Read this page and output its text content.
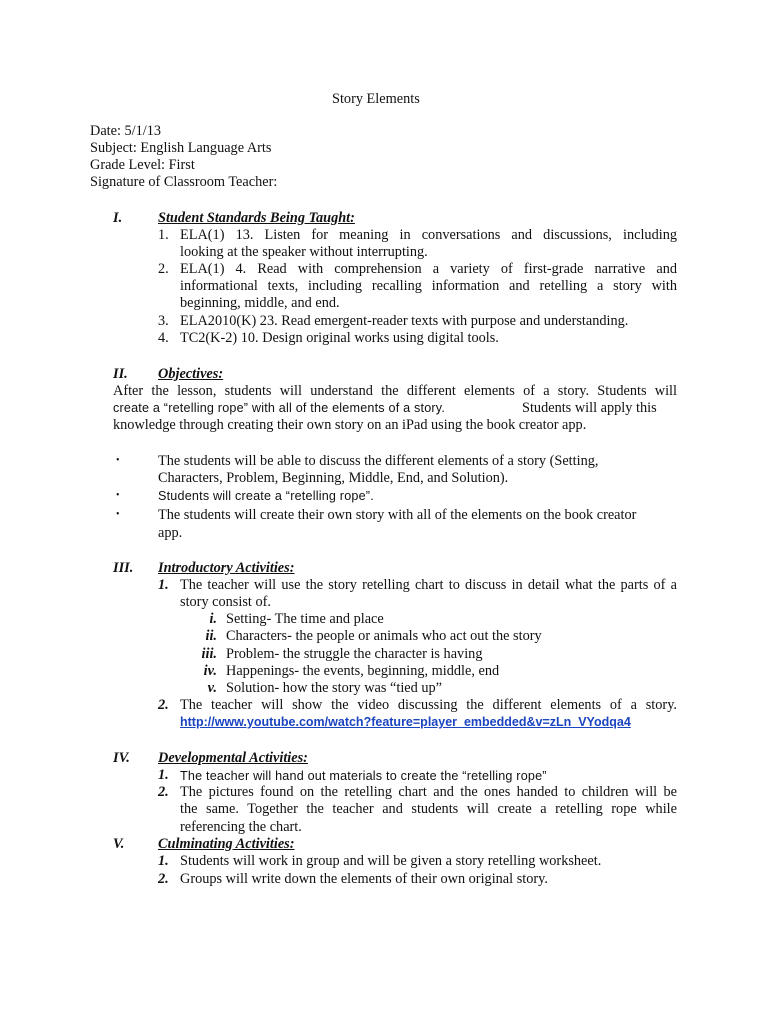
Story Elements
Date: 5/1/13
Subject: English Language Arts
Grade Level: First
Signature of Classroom Teacher:
I.	Student Standards Being Taught:
1. ELA(1) 13. Listen for meaning in conversations and discussions, including
looking at the speaker without interrupting.
2. ELA(1) 4. Read with comprehension a variety of first-grade narrative and
informational texts, including recalling information and retelling a story with
beginning, middle, and end.
3. ELA2010(K) 23. Read emergent-reader texts with purpose and understanding.
4. TC2(K-2) 10. Design original works using digital tools.
II. Objectives:
After the lesson, students will understand the different elements of a story. Students will
create a “retelling rope” with all of the elements of a story.	Students will apply this
knowledge through creating their own story on an iPad using the book creator app.
•	The students will be able to discuss the different elements of a story (Setting,
Characters, Problem, Beginning, Middle, End, and Solution).
•	Students will create a “retelling rope”.
•	The students will create their own story with all of the elements on the book creator
app.
III. Introductory Activities:
1. The teacher will use the story retelling chart to discuss in detail what the parts of a
story consist of.
i. Setting- The time and place
ii. Characters- the people or animals who act out the story
iii. Problem- the struggle the character is having
iv. Happenings- the events, beginning, middle, end
v. Solution- how the story was “tied up”
2. The teacher will show the video discussing the different elements of a story.
http://www.youtube.com/watch?feature=player_embedded&v=zLn_VYodqa4
IV. Developmental Activities:
1. The teacher will hand out materials to create the “retelling rope”
2. The pictures found on the retelling chart and the ones handed to children will be
the same. Together the teacher and students will create a retelling rope while
referencing the chart.
V. Culminating Activities:
1. Students will work in group and will be given a story retelling worksheet.
2. Groups will write down the elements of their own original story.
